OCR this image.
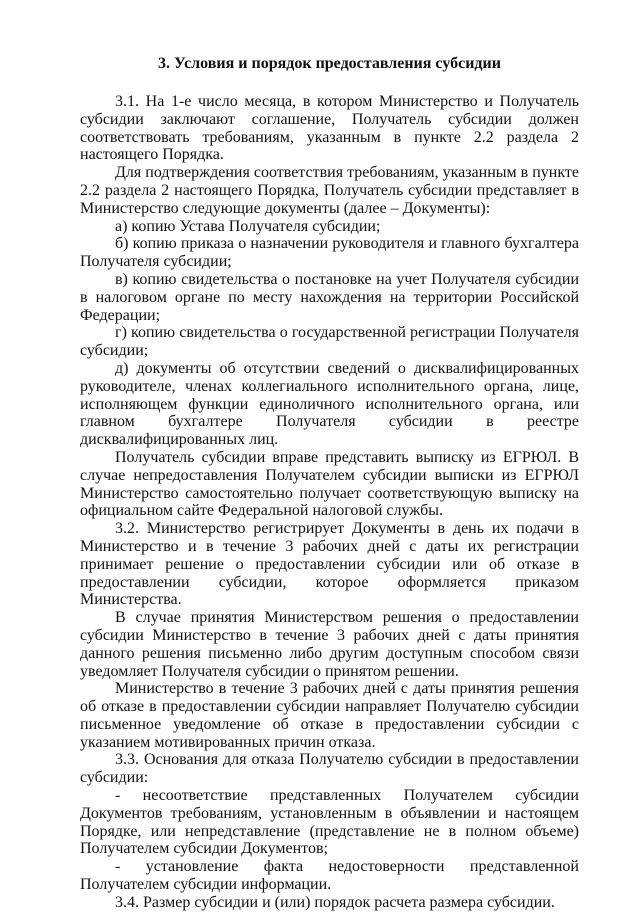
3. Условия и порядок предоставления субсидии

3.1. На 1-е число месяца, в котором Министерство и Получатель субсидии заключают соглашение, Получатель субсидии должен соответствовать требованиям, указанным в пункте 2.2 раздела 2 настоящего Порядка.

Для подтверждения соответствия требованиям, указанным в пункте 2.2 раздела 2 настоящего Порядка, Получатель субсидии представляет в Министерство следующие документы (далее – Документы):

а) копию Устава Получателя субсидии;

б) копию приказа о назначении руководителя и главного бухгалтера Получателя субсидии;

в) копию свидетельства о постановке на учет Получателя субсидии в налоговом органе по месту нахождения на территории Российской Федерации;

г) копию свидетельства о государственной регистрации Получателя субсидии;

д) документы об отсутствии сведений о дисквалифицированных руководителе, членах коллегиального исполнительного органа, лице, исполняющем функции единоличного исполнительного органа, или главном бухгалтере Получателя субсидии в реестре дисквалифицированных лиц.

Получатель субсидии вправе представить выписку из ЕГРЮЛ. В случае непредоставления Получателем субсидии выписки из ЕГРЮЛ Министерство самостоятельно получает соответствующую выписку на официальном сайте Федеральной налоговой службы.

3.2. Министерство регистрирует Документы в день их подачи в Министерство и в течение 3 рабочих дней с даты их регистрации принимает решение о предоставлении субсидии или об отказе в предоставлении субсидии, которое оформляется приказом Министерства.

В случае принятия Министерством решения о предоставлении субсидии Министерство в течение 3 рабочих дней с даты принятия данного решения письменно либо другим доступным способом связи уведомляет Получателя субсидии о принятом решении.

Министерство в течение 3 рабочих дней с даты принятия решения об отказе в предоставлении субсидии направляет Получателю субсидии письменное уведомление об отказе в предоставлении субсидии с указанием мотивированных причин отказа.

3.3. Основания для отказа Получателю субсидии в предоставлении субсидии:

- несоответствие представленных Получателем субсидии Документов требованиям, установленным в объявлении и настоящем Порядке, или непредставление (представление не в полном объеме) Получателем субсидии Документов;

- установление факта недостоверности представленной Получателем субсидии информации.

3.4. Размер субсидии и (или) порядок расчета размера субсидии.
